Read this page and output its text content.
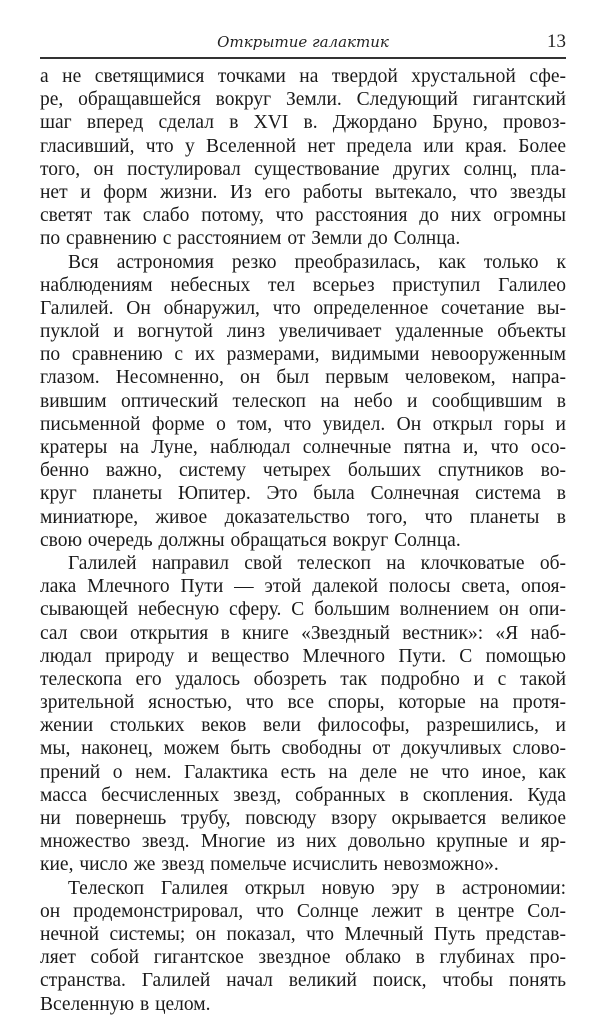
Открытие галактик	13
а не светящимися точками на твердой хрустальной сфе-
ре, обращавшейся вокруг Земли. Следующий гигантский
шаг вперед сделал в XVI в. Джордано Бруно, провоз-
гласивший, что у Вселенной нет предела или края. Более
того, он постулировал существование других солнц, пла-
нет и форм жизни. Из его работы вытекало, что звезды
светят так слабо потому, что расстояния до них огромны
по сравнению с расстоянием от Земли до Солнца.
Вся астрономия резко преобразилась, как только к
наблюдениям небесных тел всерьез приступил Галилео
Галилей. Он обнаружил, что определенное сочетание вы-
пуклой и вогнутой линз увеличивает удаленные объекты
по сравнению с их размерами, видимыми невооруженным
глазом. Несомненно, он был первым человеком, напра-
вившим оптический телескоп на небо и сообщившим в
письменной форме о том, что увидел. Он открыл горы и
кратеры на Луне, наблюдал солнечные пятна и, что осо-
бенно важно, систему четырех больших спутников во-
круг планеты Юпитер. Это была Солнечная система в
миниатюре, живое доказательство того, что планеты в
свою очередь должны обращаться вокруг Солнца.
Галилей направил свой телескоп на клочковатые об-
лака Млечного Пути — этой далекой полосы света, опоя-
сывающей небесную сферу. С большим волнением он опи-
сал свои открытия в книге «Звездный вестник»: «Я наб-
людал природу и вещество Млечного Пути. С помощью
телескопа его удалось обозреть так подробно и с такой
зрительной ясностью, что все споры, которые на протя-
жении стольких веков вели философы, разрешились, и
мы, наконец, можем быть свободны от докучливых слово-
прений о нем. Галактика есть на деле не что иное, как
масса бесчисленных звезд, собранных в скопления. Куда
ни повернешь трубу, повсюду взору окрывается великое
множество звезд. Многие из них довольно крупные и яр-
кие, число же звезд помельче исчислить невозможно».
Телескоп Галилея открыл новую эру в астрономии:
он продемонстрировал, что Солнце лежит в центре Сол-
нечной системы; он показал, что Млечный Путь представ-
ляет собой гигантское звездное облако в глубинах про-
странства. Галилей начал великий поиск, чтобы понять
Вселенную в целом.
